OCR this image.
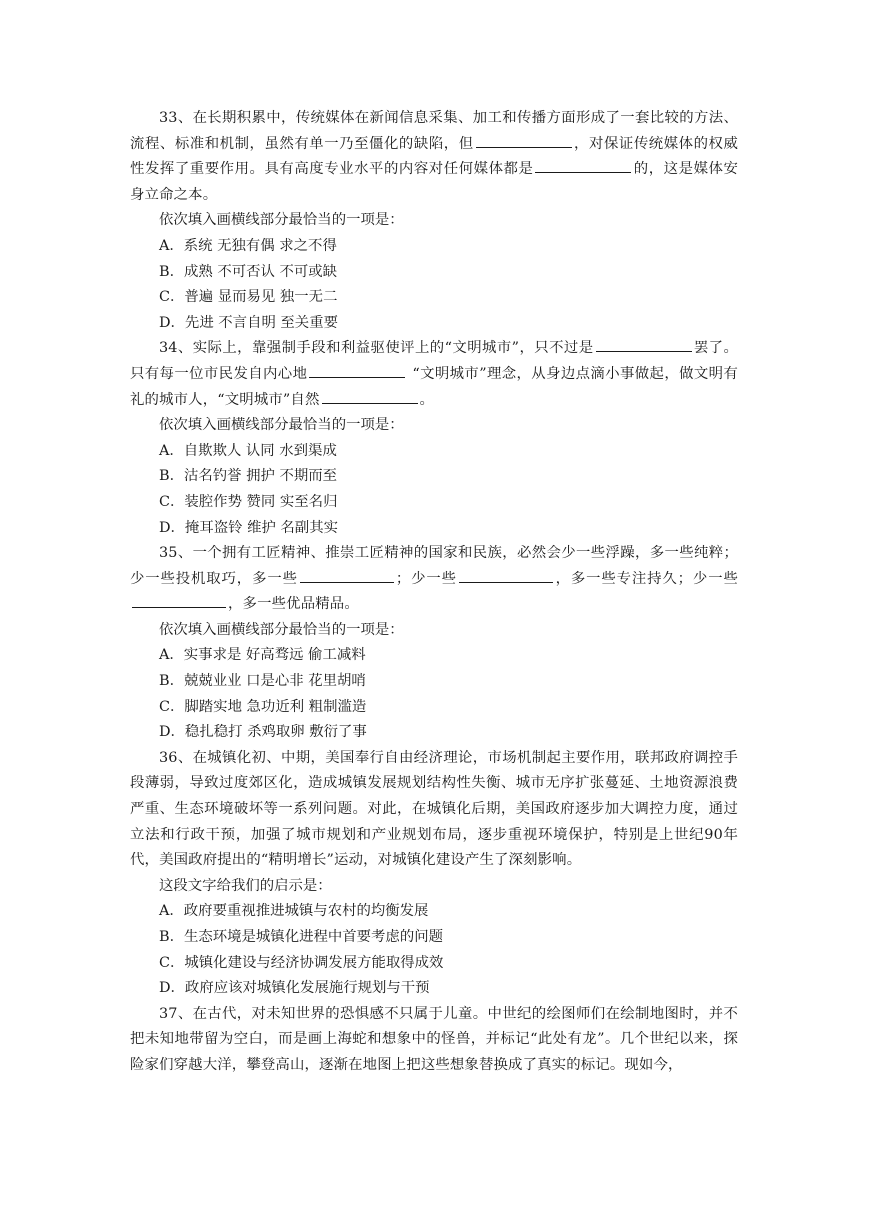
33、在长期积累中，传统媒体在新闻信息采集、加工和传播方面形成了一套比较的方法、流程、标准和机制，虽然有单一乃至僵化的缺陷，但	，对保证传统媒体的权威性发挥了重要作用。具有高度专业水平的内容对任何媒体都是	的，这是媒体安身立命之本。

依次填入画横线部分最恰当的一项是：

A．系统 无独有偶 求之不得

B．成熟 不可否认 不可或缺

C．普遍 显而易见 独一无二

D．先进 不言自明 至关重要

34、实际上，靠强制手段和利益驱使评上的“文明城市”，只不过是	罢了。只有每一位市民发自内心地	“文明城市”理念，从身边点滴小事做起，做文明有礼的城市人，“文明城市”自然	。

依次填入画横线部分最恰当的一项是：

A．自欺欺人 认同 水到渠成

B．沽名钓誉 拥护 不期而至

C．装腔作势 赞同 实至名归

D．掩耳盗铃 维护 名副其实

35、一个拥有工匠精神、推崇工匠精神的国家和民族，必然会少一些浮躁，多一些纯粹；少一些投机取巧，多一些	；少一些	，多一些专注持久；少一些，多一些优品精品。

依次填入画横线部分最恰当的一项是：

A．实事求是 好高骛远 偷工减料

B．兢兢业业 口是心非 花里胡哨

C．脚踏实地 急功近利 粗制滥造

D．稳扎稳打 杀鸡取卵 敷衍了事

36、在城镇化初、中期，美国奉行自由经济理论，市场机制起主要作用，联邦政府调控手段薄弱，导致过度郊区化，造成城镇发展规划结构性失衡、城市无序扩张蔓延、土地资源浪费严重、生态环境破坏等一系列问题。对此，在城镇化后期，美国政府逐步加大调控力度，通过立法和行政干预，加强了城市规划和产业规划布局，逐步重视环境保护，特别是上世纪90年代，美国政府提出的“精明增长”运动，对城镇化建设产生了深刻影响。

这段文字给我们的启示是：

A．政府要重视推进城镇与农村的均衡发展

B．生态环境是城镇化进程中首要考虑的问题

C．城镇化建设与经济协调发展方能取得成效

D．政府应该对城镇化发展施行规划与干预

37、在古代，对未知世界的恐惧感不只属于儿童。中世纪的绘图师们在绘制地图时，并不把未知地带留为空白，而是画上海蛇和想象中的怪兽，并标记“此处有龙”。几个世纪以来，探险家们穿越大洋，攀登高山，逐渐在地图上把这些想象替换成了真实的标记。现如今，
